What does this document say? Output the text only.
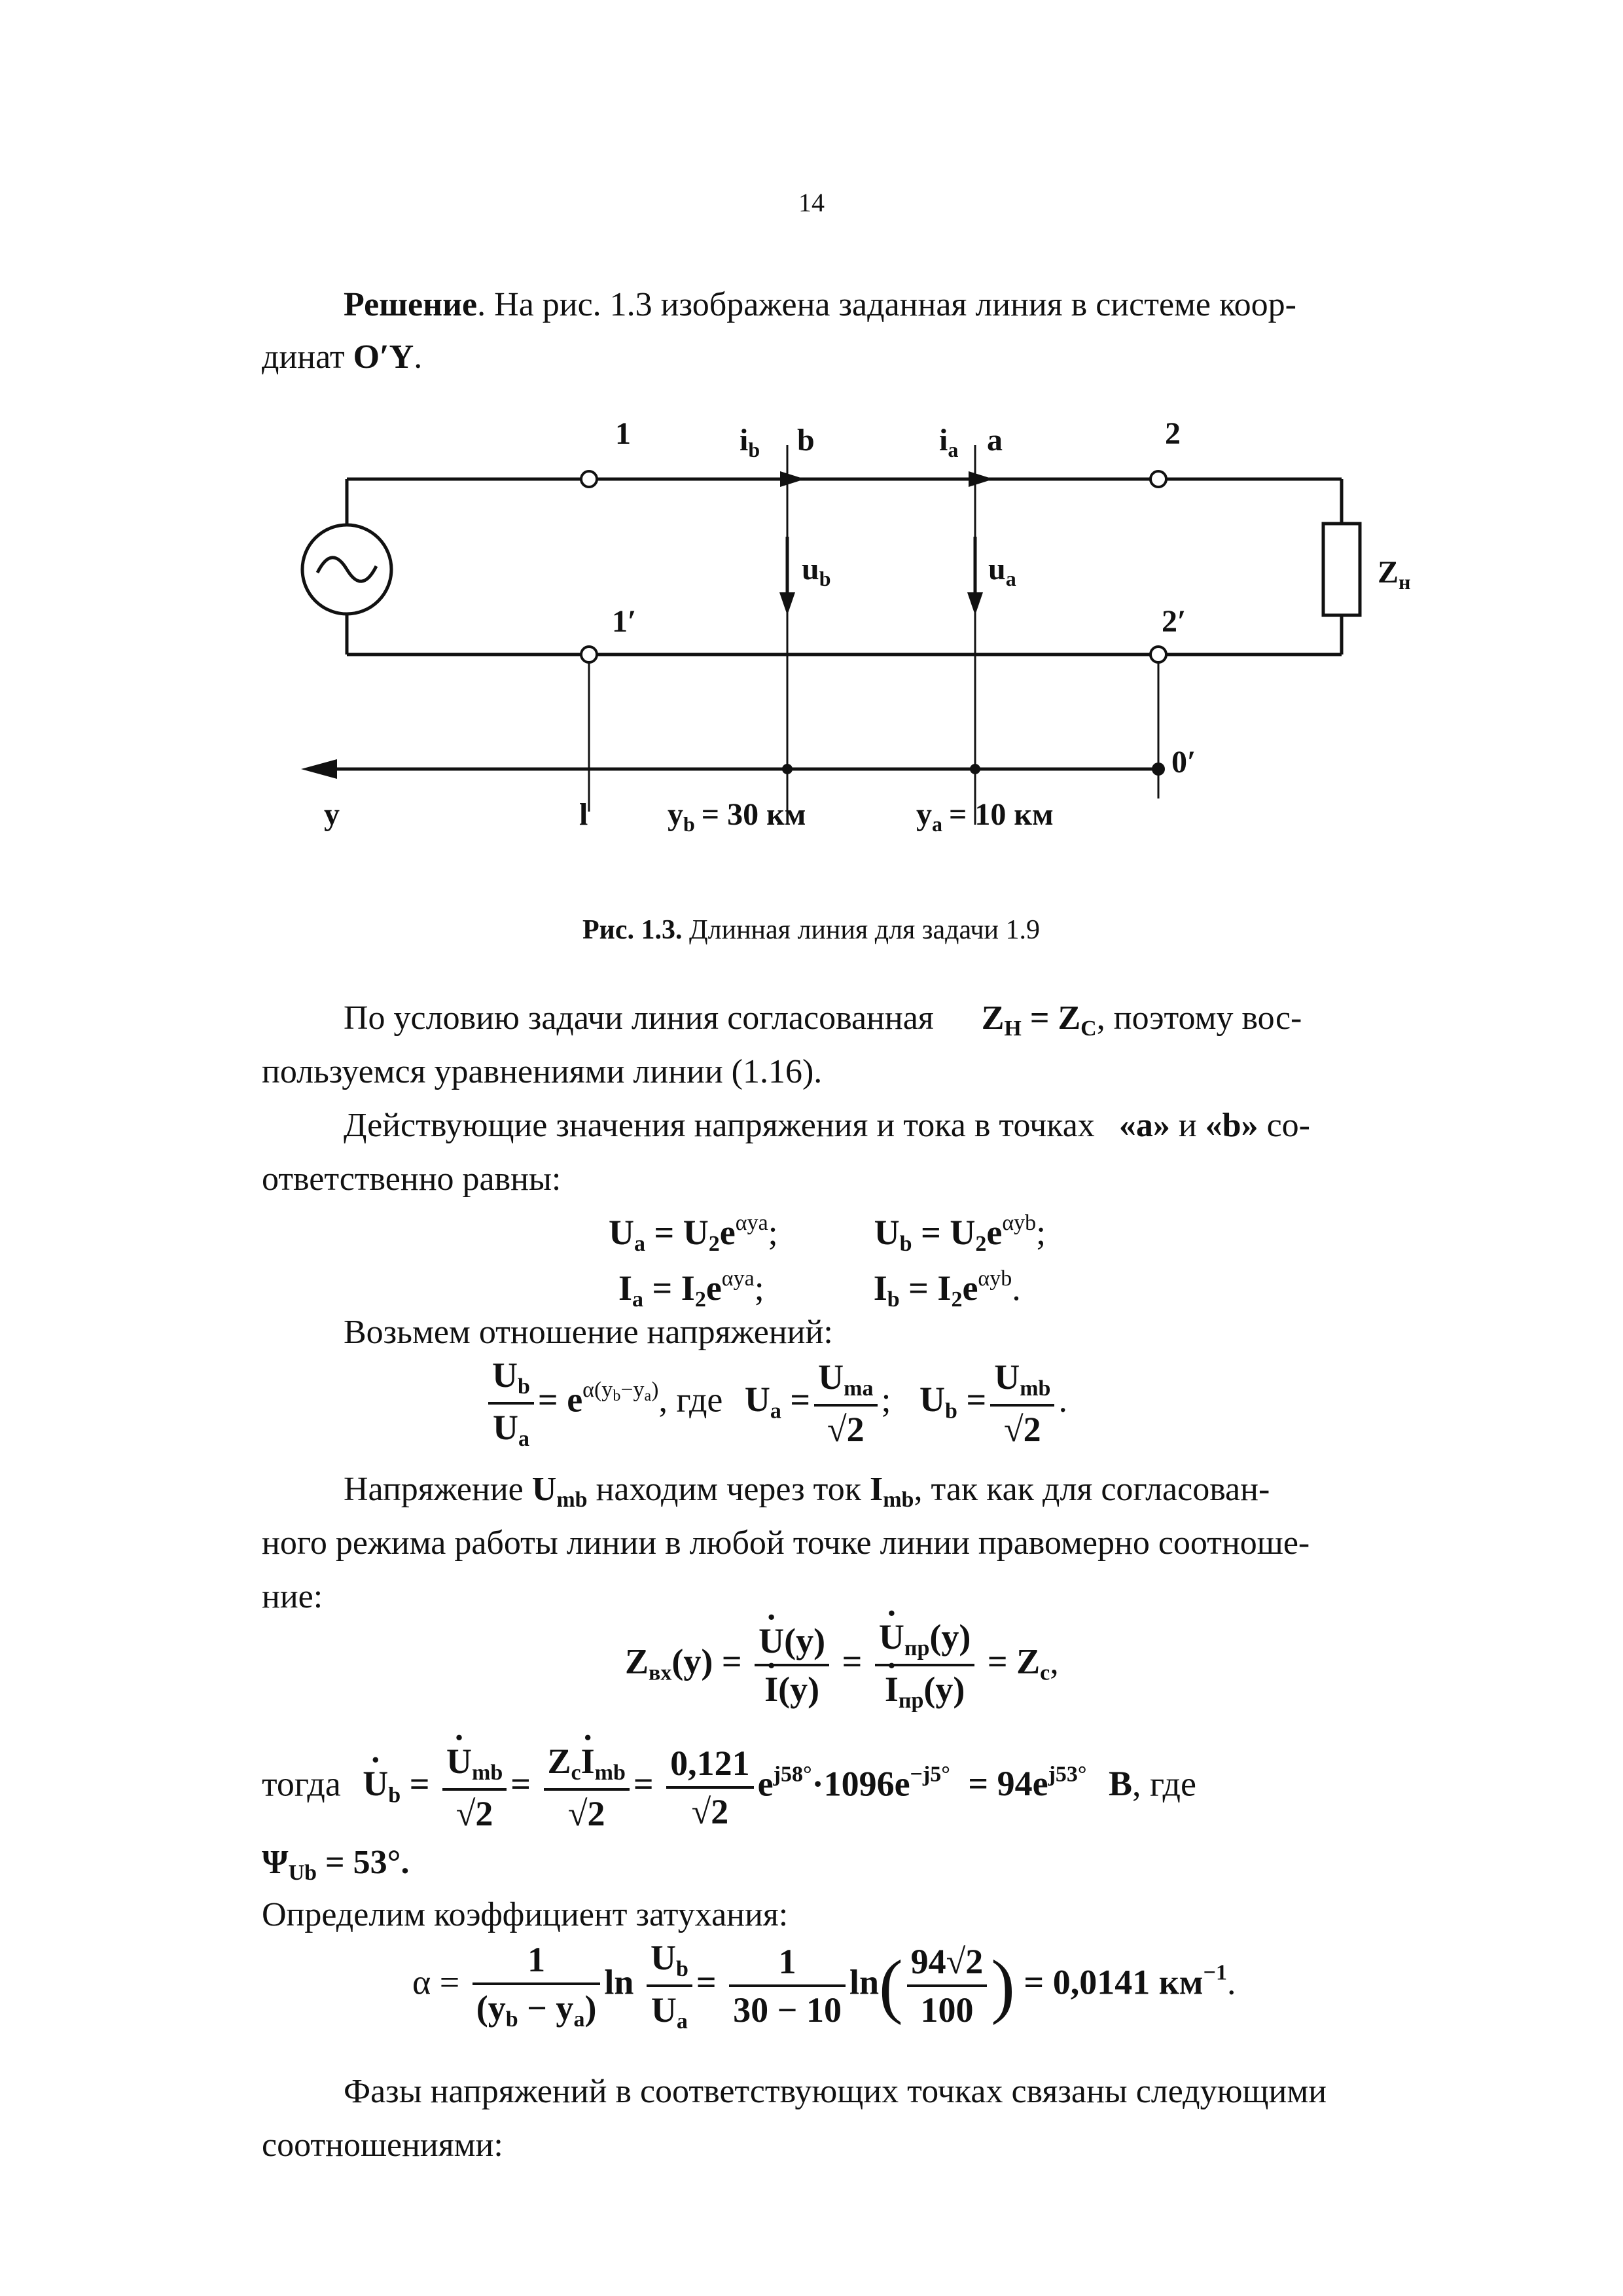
14
Решение. На рис. 1.3 изображена заданная линия в системе коор-
динат O′Y.
1	2
1′	2′
$i_b$ b	$i_a$ a
$u_b$	$u_a$	$Z_н$
0′
y	l	$y_b = 30$ км	$y_a = 10$ км
Рис. 1.3. Длинная линия для задачи 1.9
По условию задачи линия согласованная $Z_Н = Z_C$, поэтому вос-
пользуемся уравнениями линии (1.16).
Действующие значения напряжения и тока в точках «a» и «b» со-
ответственно равны:
$U_a = U_2e^{\alpha ya}$;	$U_b = U_2e^{\alpha yb}$;
$I_a = I_2e^{\alpha ya}$;	$I_b = I_2e^{\alpha yb}$.
Возьмем отношение напряжений:
$\frac{U_b}{U_a} = e^{\alpha(y_b-y_a)}$, где $U_a = \frac{U_{ma}}{√2}$ ; $U_b = \frac{U_{mb}}{√2}$ .
Напряжение $U_{mb}$ находим через ток $I_{mb}$, так как для согласован-
ного режима работы линии в любой точке линии правомерно соотноше-
ние:
$Z_{вх}(y)$ = · U(y)
· I(y) = · $U_{пр}(y)$
· $I_{пр}(y) = Z_c$,
тогда · $U_b$ = · $\frac{U_{mb}}{√2} = \frac{Z_c\cdot I_{mb}}{√2} = \frac{0,121}{√2} e^{j58^\circ}\cdot 1096e^{-j5^\circ} = 94e^{j53^\circ}$ B, где
$\Psi_{Ub} = 53^\circ$.
Определим коэффициент затухания:
$\alpha = \frac{1}{(y_b - y_a)}$ $\ln \frac{U_b}{U_a} = \frac{1}{30 - 10} \ln( \frac{94√2}{100}$ ) = 0,0141 $км^{-1}$.
Фазы напряжений в соответствующих точках связаны следующими
соотношениями:
